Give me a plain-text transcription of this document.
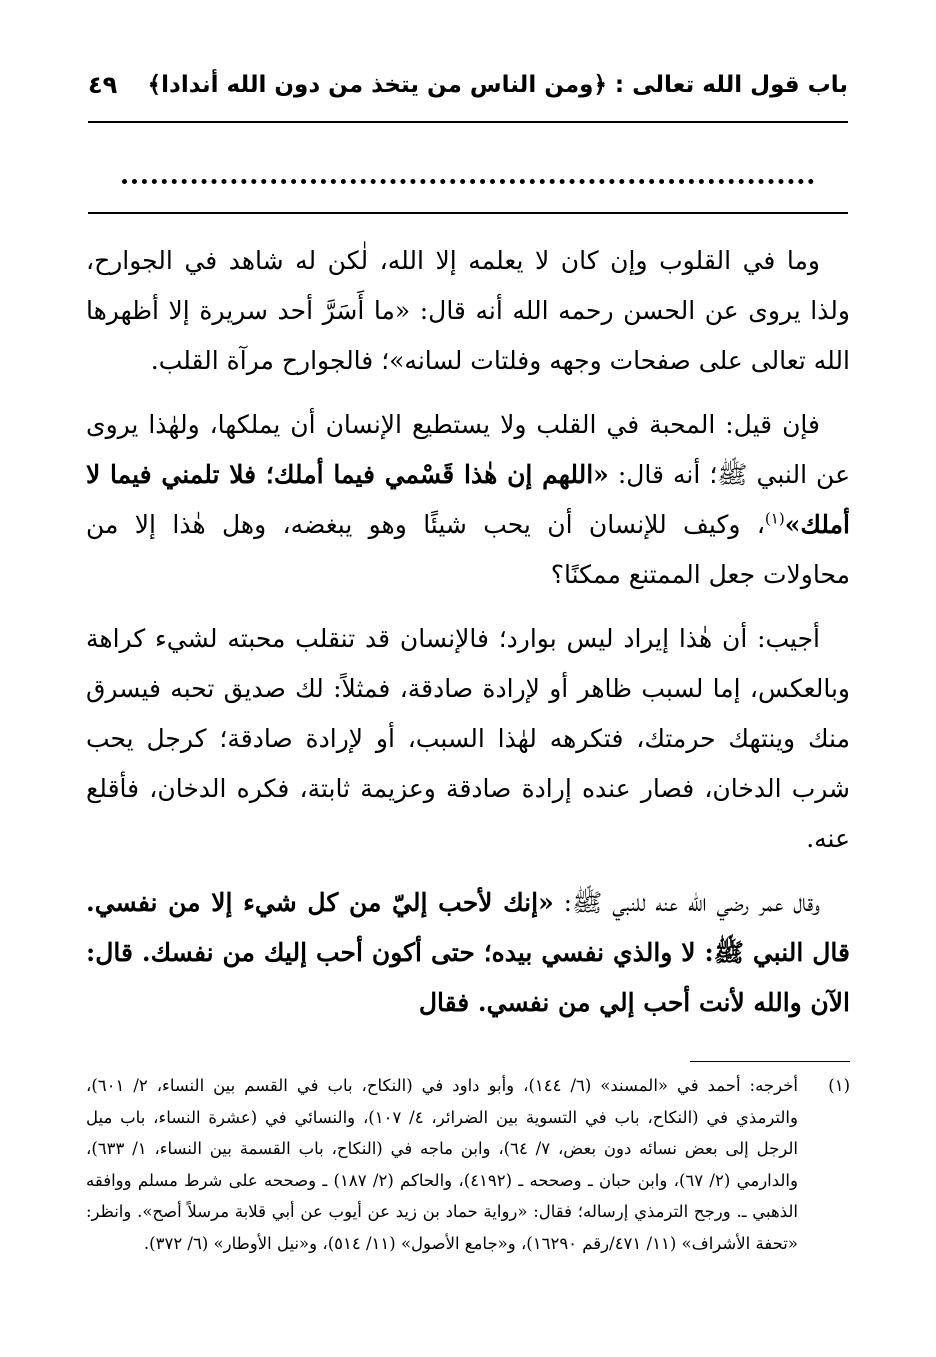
باب قول الله تعالى : ﴿ومن الناس من يتخذ من دون الله أندادا﴾
٤٩

وما في القلوب وإن كان لا يعلمه إلا الله، لٰكن له شاهد في الجوارح، ولذا يروى عن الحسن رحمه الله أنه قال: «ما أَسَرَّ أحد سريرة إلا أظهرها الله تعالى على صفحات وجهه وفلتات لسانه»؛ فالجوارح مرآة القلب.

فإن قيل: المحبة في القلب ولا يستطيع الإنسان أن يملكها، ولهٰذا يروى عن النبي ﷺ؛ أنه قال: «اللهم إن هٰذا قَسْمي فيما أملك؛ فلا تلمني فيما لا أملك»$^{(١)}$، وكيف للإنسان أن يحب شيئًا وهو يبغضه، وهل هٰذا إلا من محاولات جعل الممتنع ممكنًا؟

أجيب: أن هٰذا إيراد ليس بوارد؛ فالإنسان قد تنقلب محبته لشيء كراهة وبالعكس، إما لسبب ظاهر أو لإرادة صادقة، فمثلاً: لك صديق تحبه فيسرق منك وينتهك حرمتك، فتكرهه لهٰذا السبب، أو لإرادة صادقة؛ كرجل يحب شرب الدخان، فصار عنده إرادة صادقة وعزيمة ثابتة، فكره الدخان، فأقلع عنه.

وقال عمر رضي الله عنه للنبي ﷺ: «إنك لأحب إليّ من كل شيء إلا من نفسي. قال النبي ﷺ: لا والذي نفسي بيده؛ حتى أكون أحب إليك من نفسك. قال: الآن والله لأنت أحب إلي من نفسي. فقال

(١)
أخرجه: أحمد في «المسند» (٦/ ١٤٤)، وأبو داود في (النكاح، باب في القسم بين النساء، ٢/ ٦٠١)، والترمذي في (النكاح، باب في التسوية بين الضرائر، ٤/ ١٠٧)، والنسائي في (عشرة النساء، باب ميل الرجل إلى بعض نسائه دون بعض، ٧/ ٦٤)، وابن ماجه في (النكاح، باب القسمة بين النساء، ١/ ٦٣٣)، والدارمي (٢/ ٦٧)، وابن حبان ـ وصححه ـ (٤١٩٢)، والحاكم (٢/ ١٨٧) ـ وصححه على شرط مسلم ووافقه الذهبي ـ. ورجح الترمذي إرساله؛ فقال: «رواية حماد بن زيد عن أيوب عن أبي قلابة مرسلاً أصح». وانظر: «تحفة الأشراف» (١١/ ٤٧١/رقم ١٦٢٩٠)، و«جامع الأصول» (١١/ ٥١٤)، و«نيل الأوطار» (٦/ ٣٧٢).
